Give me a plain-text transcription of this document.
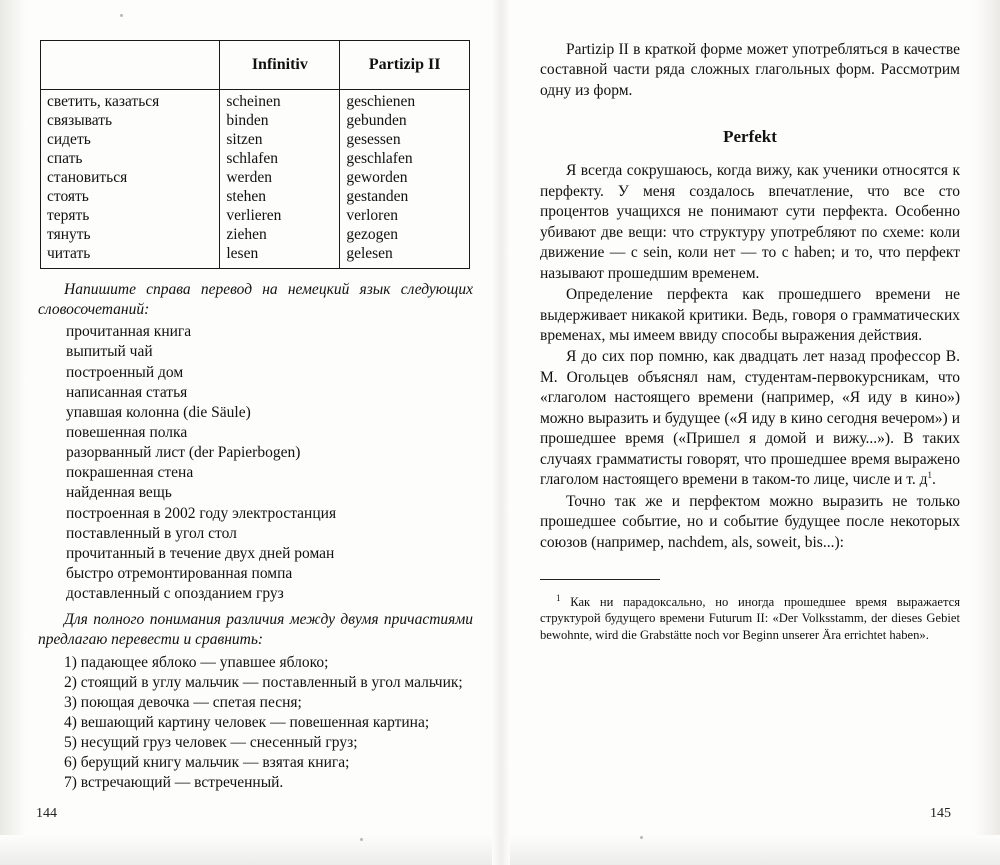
	Infinitiv	Partizip II
светить, казаться	scheinen	geschienen
связывать	binden	gebunden
сидеть	sitzen	gesessen
спать	schlafen	geschlafen
становиться	werden	geworden
стоять	stehen	gestanden
терять	verlieren	verloren
тянуть	ziehen	gezogen
читать	lesen	gelesen

Напишите справа перевод на немецкий язык следующих словосочетаний:

прочитанная книга

выпитый чай

построенный дом

написанная статья

упавшая колонна (die Säule)

повешенная полка

разорванный лист (der Papierbogen)

покрашенная стена

найденная вещь

построенная в 2002 году электростанция

поставленный в угол стол

прочитанный в течение двух дней роман

быстро отремонтированная помпа

доставленный с опозданием груз

Для полного понимания различия между двумя причастиями предлагаю перевести и сравнить:

1) падающее яблоко — упавшее яблоко;

2) стоящий в углу мальчик — поставленный в угол мальчик;

3) поющая девочка — спетая песня;

4) вешающий картину человек — повешенная картина;

5) несущий груз человек — снесенный груз;

6) берущий книгу мальчик — взятая книга;

7) встречающий — встреченный.

Partizip II в краткой форме может употребляться в качестве составной части ряда сложных глагольных форм. Рассмотрим одну из форм.

Perfekt

Я всегда сокрушаюсь, когда вижу, как ученики относятся к перфекту. У меня создалось впечатление, что все сто процентов учащихся не понимают сути перфекта. Особенно убивают две вещи: что структуру употребляют по схеме: коли движение — с sein, коли нет — то с haben; и то, что перфект называют прошедшим временем.

Определение перфекта как прошедшего времени не выдерживает никакой критики. Ведь, говоря о грамматических временах, мы имеем ввиду способы выражения действия.

Я до сих пор помню, как двадцать лет назад профессор В. М. Огольцев объяснял нам, студентам-первокурсникам, что «глаголом настоящего времени (например, «Я иду в кино») можно выразить и будущее («Я иду в кино сегодня вечером») и прошедшее время («Пришел я домой и вижу...»). В таких случаях грамматисты говорят, что прошедшее время выражено глаголом настоящего времени в таком-то лице, числе и т. д$^1$.

Точно так же и перфектом можно выразить не только прошедшее событие, но и событие будущее после некоторых союзов (например, nachdem, als, soweit, bis...):

$^1$ Как ни парадоксально, но иногда прошедшее время выражается структурой будущего времени Futurum II: «Der Volksstamm, der dieses Gebiet bewohnte, wird die Grabstätte noch vor Beginn unserer Ära errichtet haben».

144	145
